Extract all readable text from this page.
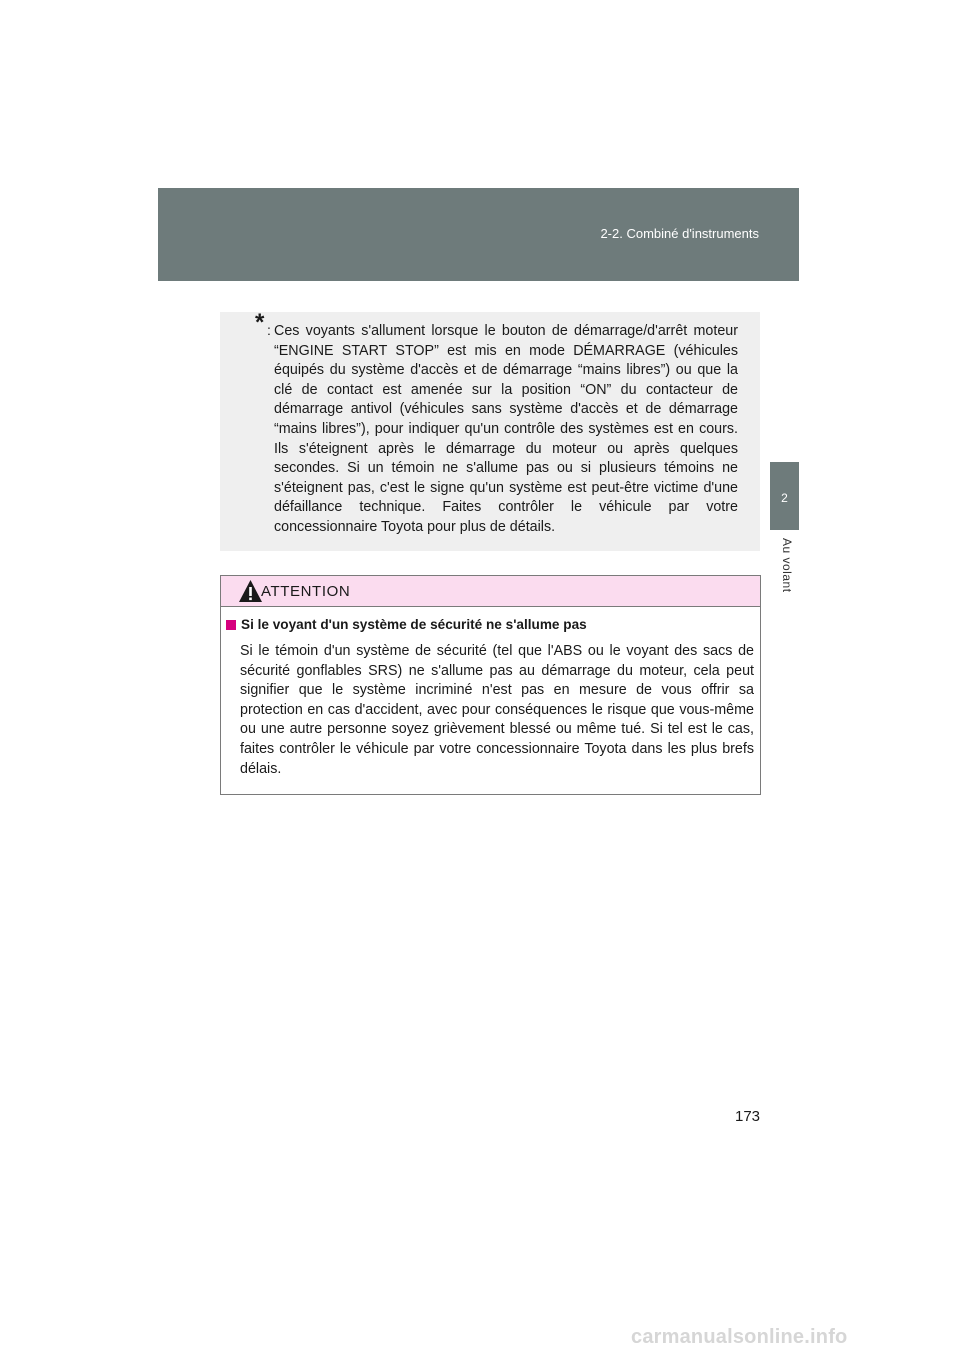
2-2. Combiné d'instruments
2
Au volant
* : Ces voyants s'allument lorsque le bouton de démarrage/d'arrêt moteur “ENGINE START STOP” est mis en mode DÉMARRAGE (véhicules équipés du système d'accès et de démarrage “mains libres”) ou que la clé de contact est amenée sur la position “ON” du contacteur de démarrage antivol (véhicules sans système d'accès et de démarrage “mains libres”), pour indiquer qu'un contrôle des systèmes est en cours. Ils s'éteignent après le démarrage du moteur ou après quelques secondes. Si un témoin ne s'allume pas ou si plusieurs témoins ne s'éteignent pas, c'est le signe qu'un système est peut-être victime d'une défaillance technique. Faites contrôler le véhicule par votre concessionnaire Toyota pour plus de détails.
ATTENTION
Si le voyant d'un système de sécurité ne s'allume pas
Si le témoin d'un système de sécurité (tel que l'ABS ou le voyant des sacs de sécurité gonflables SRS) ne s'allume pas au démarrage du moteur, cela peut signifier que le système incriminé n'est pas en mesure de vous offrir sa protection en cas d'accident, avec pour conséquences le risque que vous-même ou une autre personne soyez grièvement blessé ou même tué. Si tel est le cas, faites contrôler le véhicule par votre concessionnaire Toyota dans les plus brefs délais.
173
carmanualsonline.info
